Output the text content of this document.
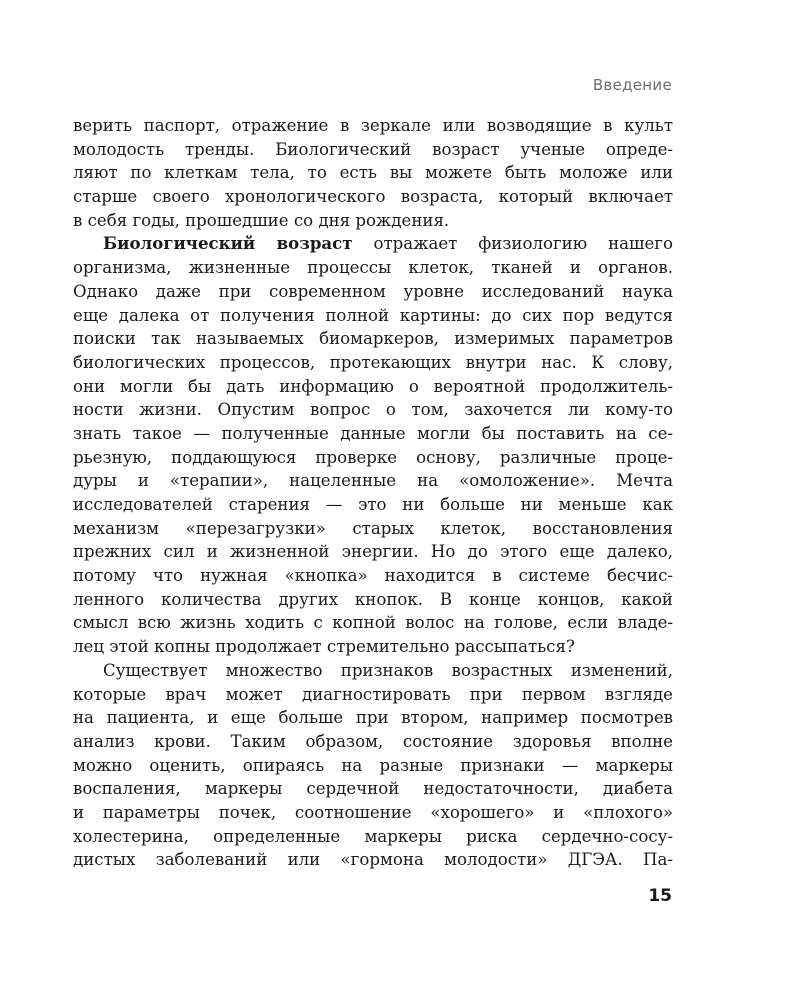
Введение
верить паспорт, отражение в зеркале или возводящие в культ
молодость тренды. Биологический возраст ученые опреде-
ляют по клеткам тела, то есть вы можете быть моложе или
старше своего хронологического возраста, который включает
в себя годы, прошедшие со дня рождения.
Биологический возраст отражает физиологию нашего
организма, жизненные процессы клеток, тканей и органов.
Однако даже при современном уровне исследований наука
еще далека от получения полной картины: до сих пор ведутся
поиски так называемых биомаркеров, измеримых параметров
биологических процессов, протекающих внутри нас. К слову,
они могли бы дать информацию о вероятной продолжитель-
ности жизни. Опустим вопрос о том, захочется ли кому-то
знать такое — полученные данные могли бы поставить на се-
рьезную, поддающуюся проверке основу, различные проце-
дуры и «терапии», нацеленные на «омоложение». Мечта
исследователей старения — это ни больше ни меньше как
механизм «перезагрузки» старых клеток, восстановления
прежних сил и жизненной энергии. Но до этого еще далеко,
потому что нужная «кнопка» находится в системе бесчис-
ленного количества других кнопок. В конце концов, какой
смысл всю жизнь ходить с копной волос на голове, если владе-
лец этой копны продолжает стремительно рассыпаться?
Существует множество признаков возрастных изменений,
которые врач может диагностировать при первом взгляде
на пациента, и еще больше при втором, например посмотрев
анализ крови. Таким образом, состояние здоровья вполне
можно оценить, опираясь на разные признаки — маркеры
воспаления, маркеры сердечной недостаточности, диабета
и параметры почек, соотношение «хорошего» и «плохого»
холестерина, определенные маркеры риска сердечно-сосу-
дистых заболеваний или «гормона молодости» ДГЭА. Па-
15
